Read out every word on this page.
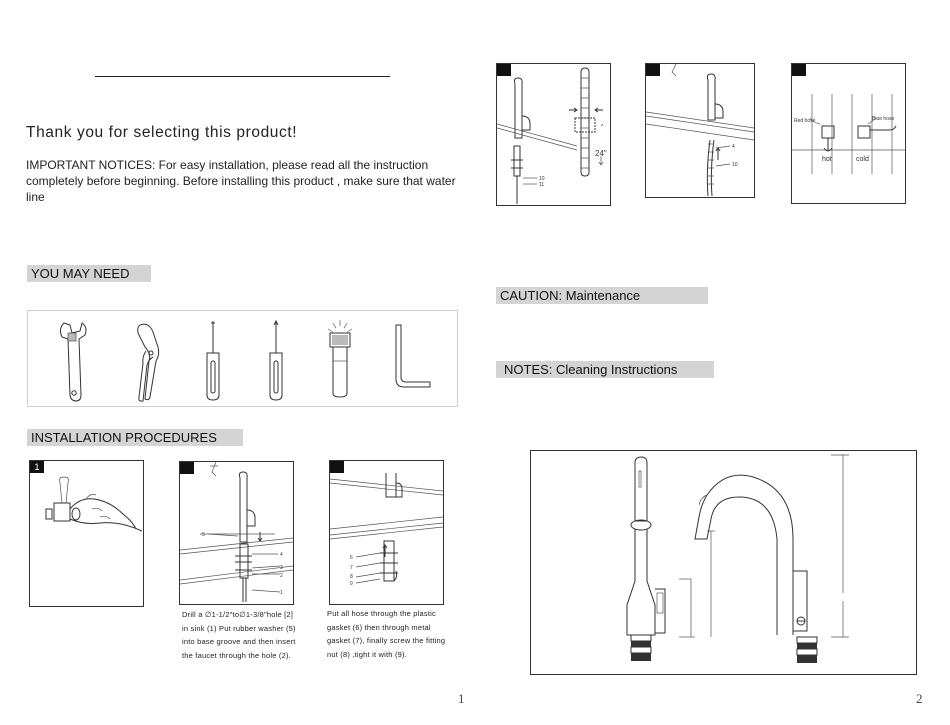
Thank you for selecting this product!
IMPORTANT NOTICES: For easy installation, please read all the instruction completely before beginning. Before installing this product , make sure that water line
YOU MAY NEED
INSTALLATION PROCEDURES
1
5
4
3
2
1
Drill a ∅1-1/2"to∅1-3/8"hole [2] in sink (1) Put rubber washer (5) into base groove and then insert the faucet through the hole (2).
6
7
8
9
Put all hose through the plastic gasket (6) then through metal gasket (7), finally screw the fitting nut (8) ,tight it with (9).
1
10
11
24"
4
10
Red hose	Blue hose
hot	cold
CAUTION: Maintenance
NOTES: Cleaning Instructions
2
